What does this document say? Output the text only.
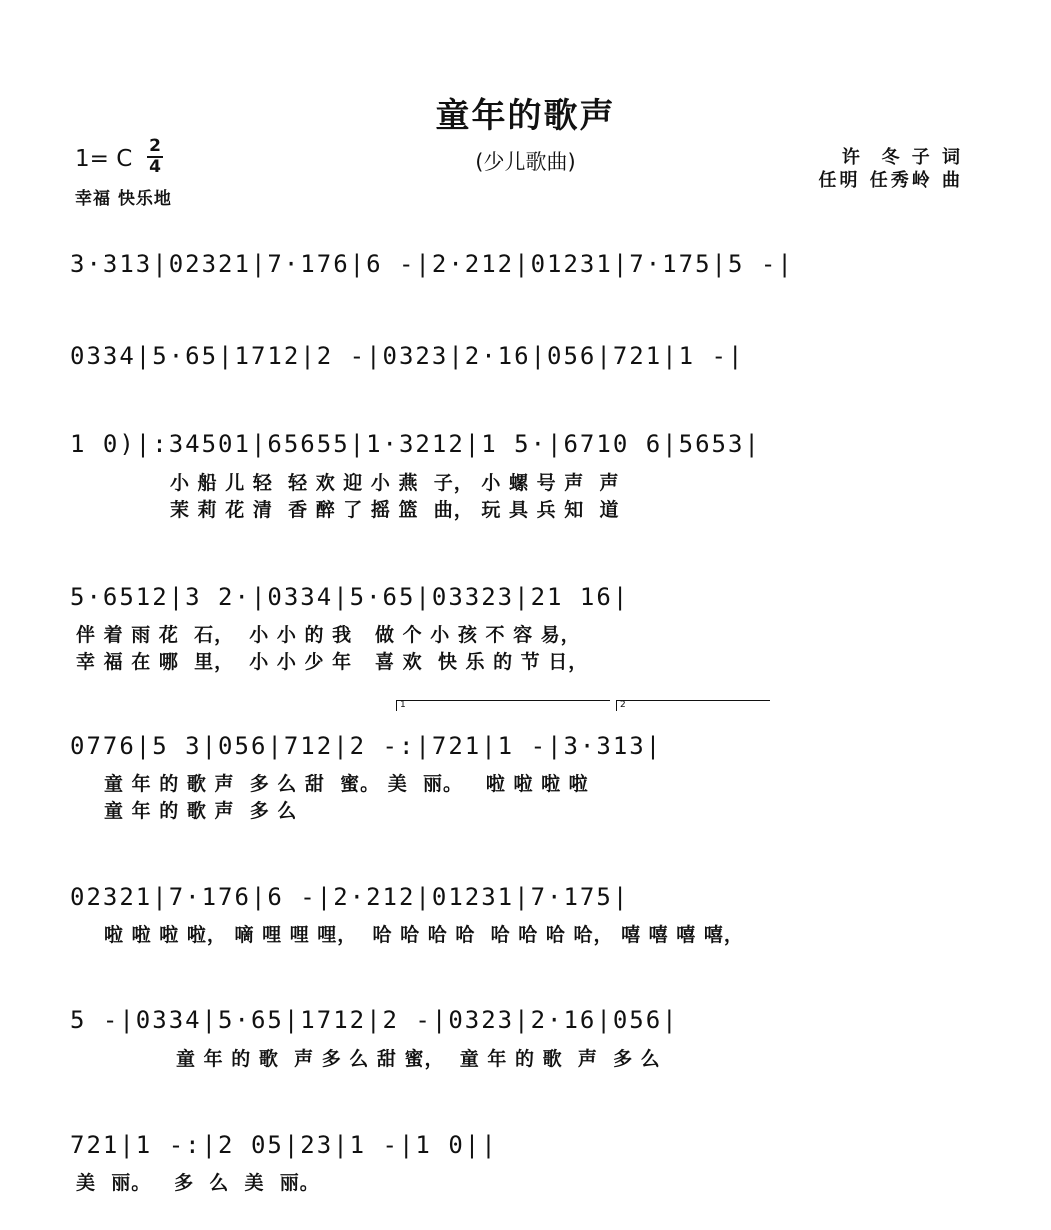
童年的歌声
(少儿歌曲)
1= C 2
4
幸福 快乐地
许  冬 子 词
任明 任秀岭 曲
1	2
3·313|02321|7·176|6 -|2·212|01231|7·175|5 -|
0334|5·65|1712|2 -|0323|2·16|056|721|1 -|
1 0)|:34501|65655|1·3212|1 5·|6710 6|5653|
小 船 儿 轻  轻 欢 迎 小 燕  子， 小 螺 号 声  声
茉 莉 花 清  香 醉 了 摇 篮  曲， 玩 具 兵 知  道
5·6512|3 2·|0334|5·65|03323|21 16|
伴 着 雨 花  石，  小 小 的 我   做 个 小 孩 不 容 易，
幸 福 在 哪  里，  小 小 少 年   喜 欢  快 乐 的 节 日，
0776|5 3|056|712|2 -:|721|1 -|3·313|
童 年 的 歌 声  多 么 甜  蜜。 美  丽。   啦 啦 啦 啦
童 年 的 歌 声  多 么
02321|7·176|6 -|2·212|01231|7·175|
啦 啦 啦 啦， 嘀 哩 哩 哩，  哈 哈 哈 哈  哈 哈 哈 哈， 嘻 嘻 嘻 嘻，
5 -|0334|5·65|1712|2 -|0323|2·16|056|
童 年 的 歌  声 多 么 甜 蜜，  童 年 的 歌  声  多 么
721|1 -:|2 05|23|1 -|1 0||
美  丽。   多  么  美  丽。
